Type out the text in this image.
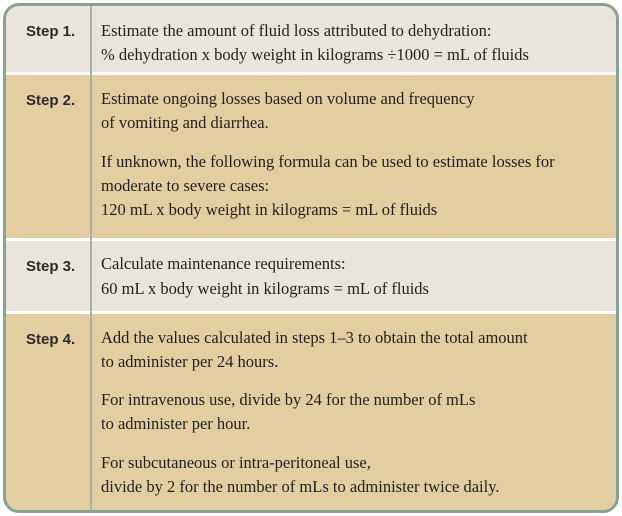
Step 1. Estimate the amount of fluid loss attributed to dehydration:
% dehydration x body weight in kilograms ÷1000 = mL of fluids
Step 2. Estimate ongoing losses based on volume and frequency
of vomiting and diarrhea.
If unknown, the following formula can be used to estimate losses for
moderate to severe cases:
120 mL x body weight in kilograms = mL of fluids
Step 3. Calculate maintenance requirements:
60 mL x body weight in kilograms = mL of fluids
Step 4. Add the values calculated in steps 1–3 to obtain the total amount
to administer per 24 hours.
For intravenous use, divide by 24 for the number of mLs
to administer per hour.
For subcutaneous or intra-peritoneal use,
divide by 2 for the number of mLs to administer twice daily.
